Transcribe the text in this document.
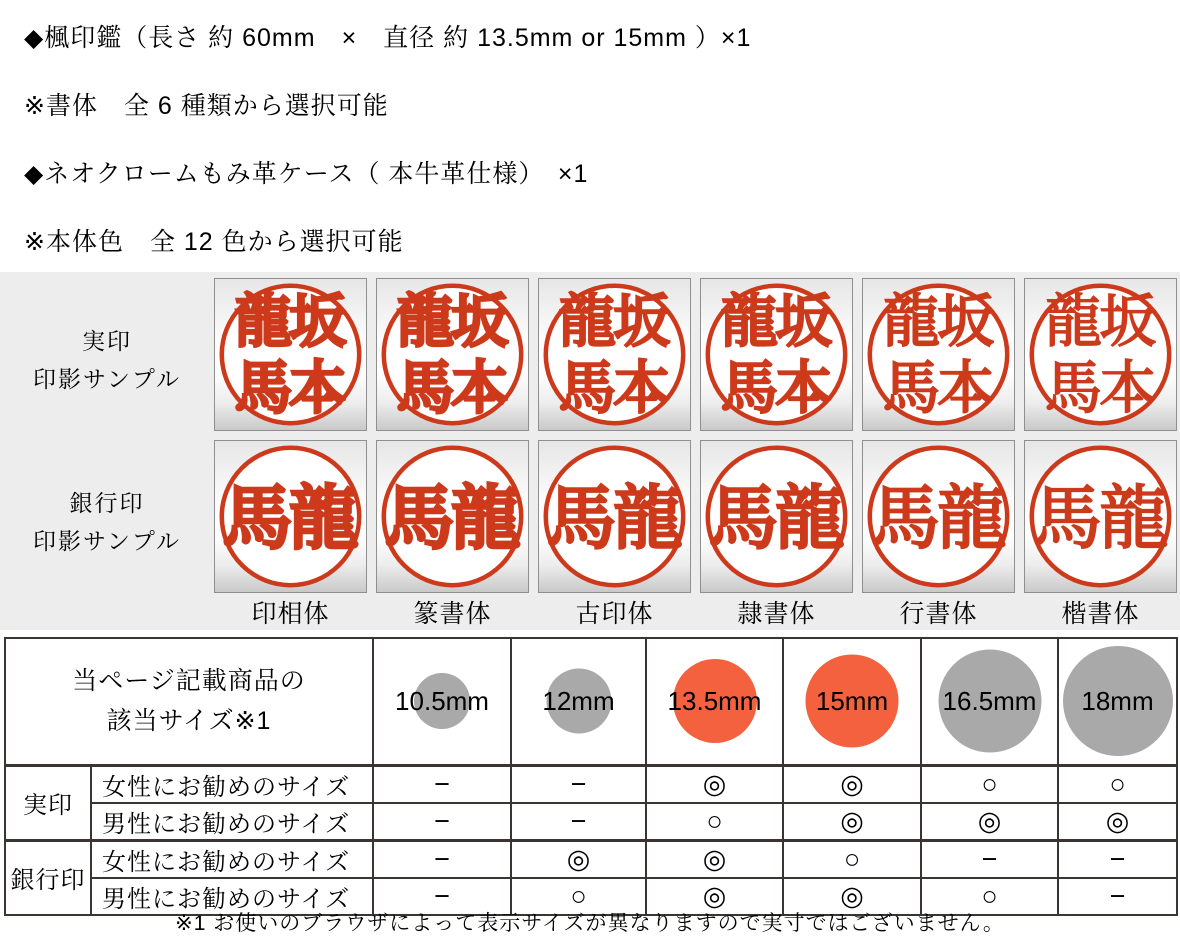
◆楓印鑑（長さ 約 60mm　×　直径 約 13.5mm or 15mm ）×1
※書体　全 6 種類から選択可能
◆ネオクロームもみ革ケース（ 本牛革仕様）　×1
※本体色　全 12 色から選択可能
実印
印影サンプル
銀行印
印影サンプル
坂
本
龍
馬
坂
本
龍
馬
坂
本
龍
馬
坂
本
龍
馬
坂
本
龍
馬
坂
本
龍
馬
龍
馬	龍
馬	龍
馬	龍
馬	龍
馬	龍
馬
印相体	篆書体	古印体	隷書体	行書体	楷書体
当ページ記載商品の
該当サイズ※1		10.5mm	12mm	13.5mm	15mm	16.5mm	18mm
実印	女性にお勧めのサイズ	−	−	◎	◎	○	○
	男性にお勧めのサイズ	−	−	○	◎	◎	◎
銀行印	女性にお勧めのサイズ	−	◎	◎	○	−	−
	男性にお勧めのサイズ	−	○	◎	◎	○	−
※1 お使いのブラウザによって表示サイズが異なりますので実寸ではございません。
